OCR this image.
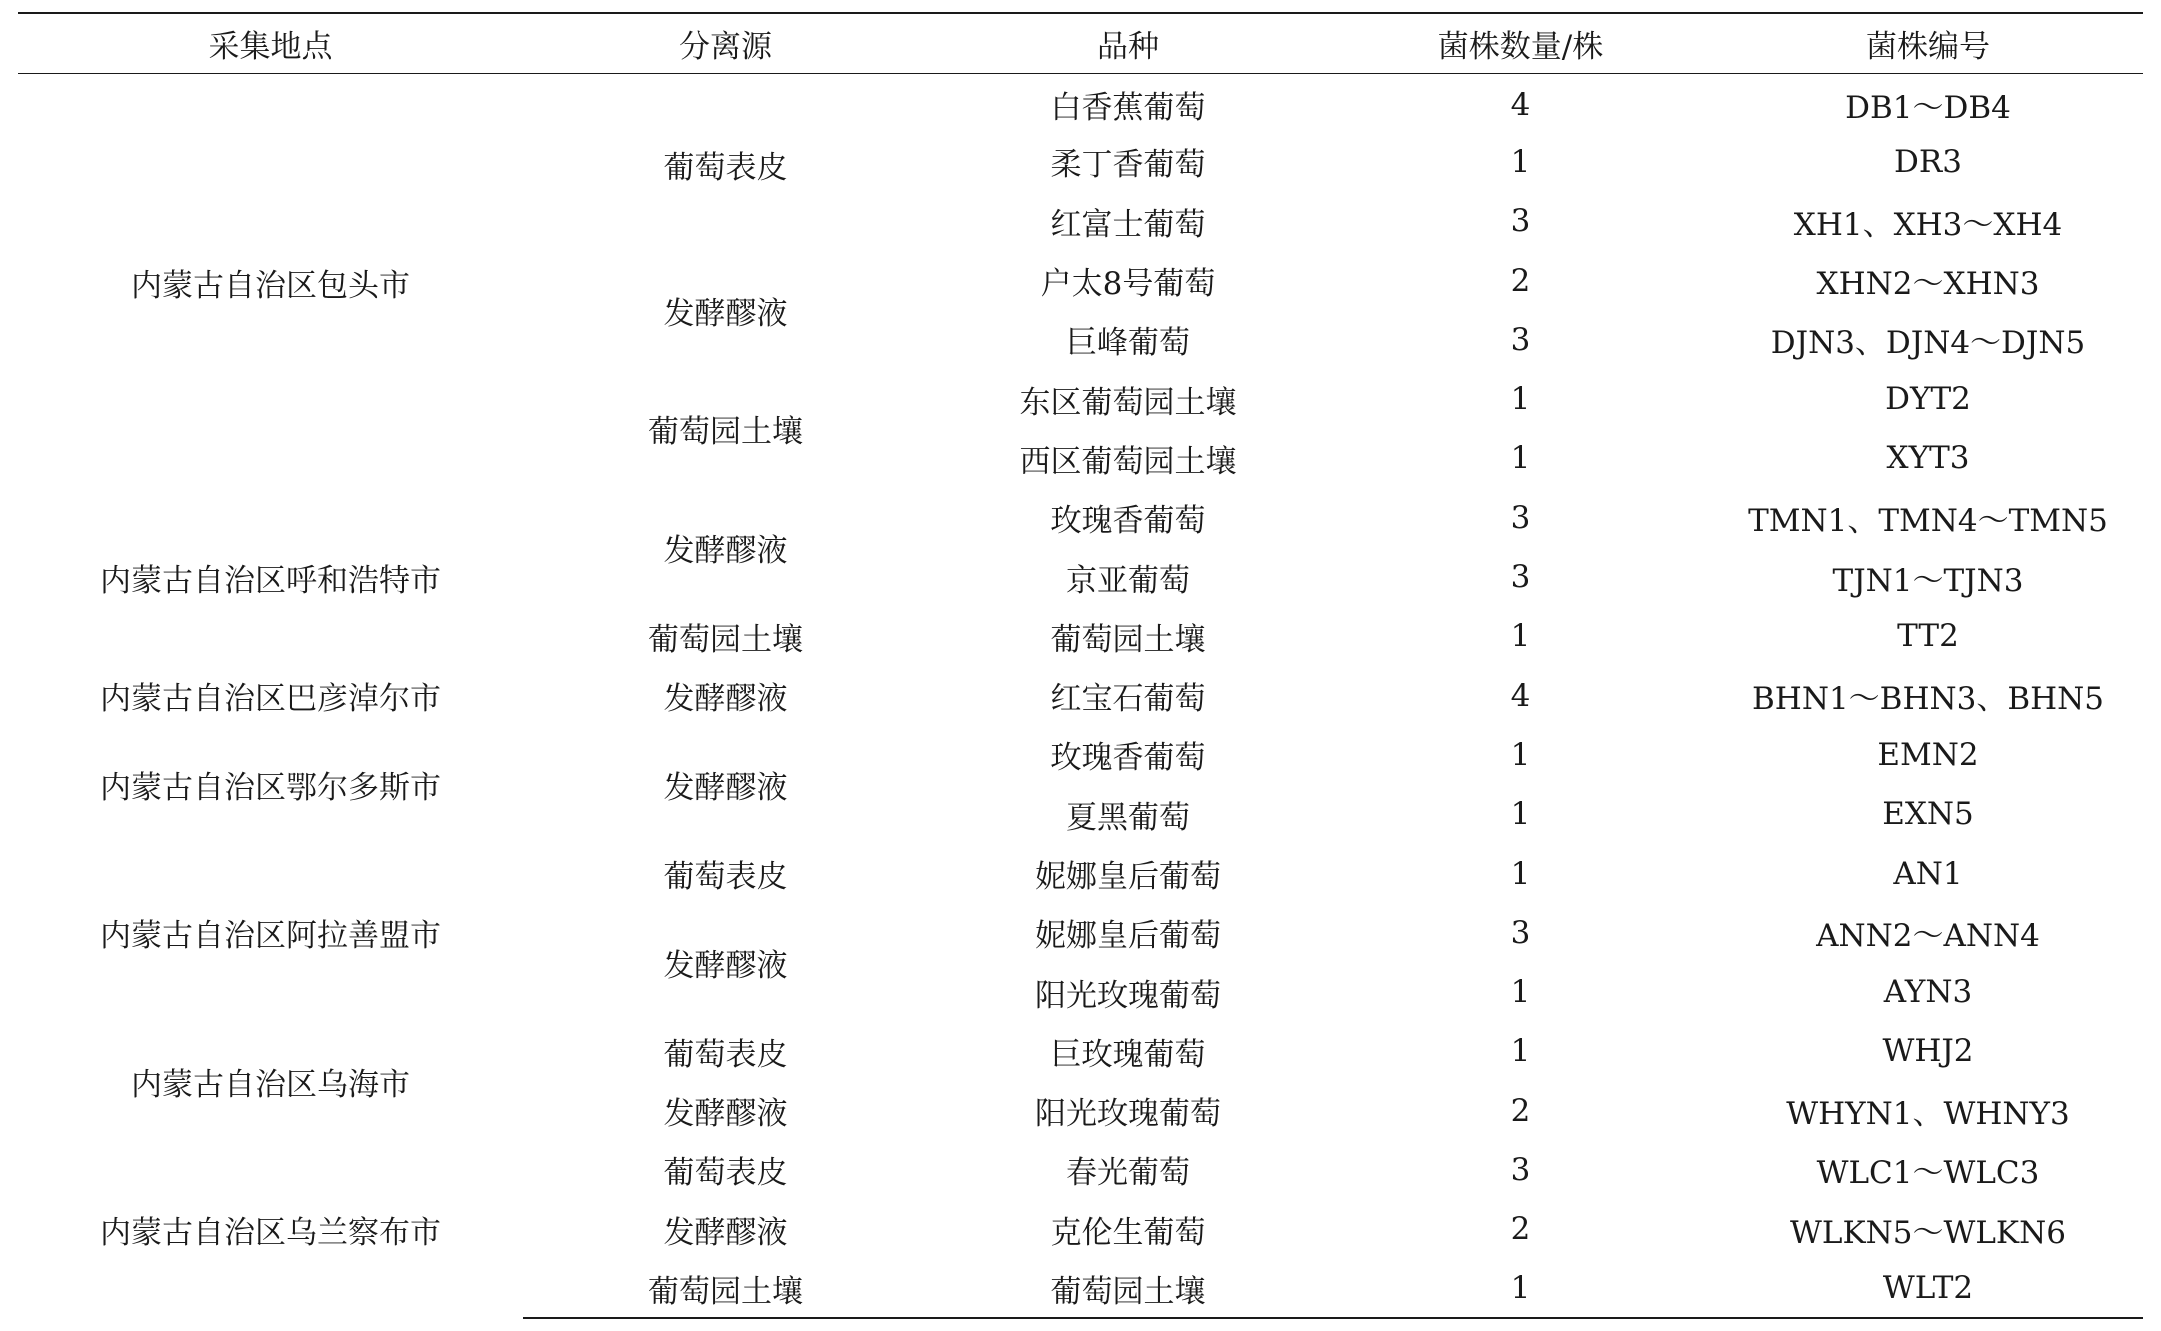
采集地点	分离源	品种	菌株数量/株	菌株编号
内蒙古自治区包头市	葡萄表皮	白香蕉葡萄	4	DB1～DB4
		柔丁香葡萄	1	DR3
		红富士葡萄	3	XH1、XH3～XH4
	发酵醪液	户太8号葡萄	2	XHN2～XHN3
		巨峰葡萄	3	DJN3、DJN4～DJN5
	葡萄园土壤	东区葡萄园土壤	1	DYT2
		西区葡萄园土壤	1	XYT3
内蒙古自治区呼和浩特市	发酵醪液	玫瑰香葡萄	3	TMN1、TMN4～TMN5
		京亚葡萄	3	TJN1～TJN3
	葡萄园土壤	葡萄园土壤	1	TT2
内蒙古自治区巴彦淖尔市	发酵醪液	红宝石葡萄	4	BHN1～BHN3、BHN5
内蒙古自治区鄂尔多斯市	发酵醪液	玫瑰香葡萄	1	EMN2
		夏黑葡萄	1	EXN5
内蒙古自治区阿拉善盟市	葡萄表皮	妮娜皇后葡萄	1	AN1
	发酵醪液	妮娜皇后葡萄	3	ANN2～ANN4
		阳光玫瑰葡萄	1	AYN3
内蒙古自治区乌海市	葡萄表皮	巨玫瑰葡萄	1	WHJ2
	发酵醪液	阳光玫瑰葡萄	2	WHYN1、WHNY3
内蒙古自治区乌兰察布市	葡萄表皮	春光葡萄	3	WLC1～WLC3
	发酵醪液	克伦生葡萄	2	WLKN5～WLKN6
	葡萄园土壤	葡萄园土壤	1	WLT2
